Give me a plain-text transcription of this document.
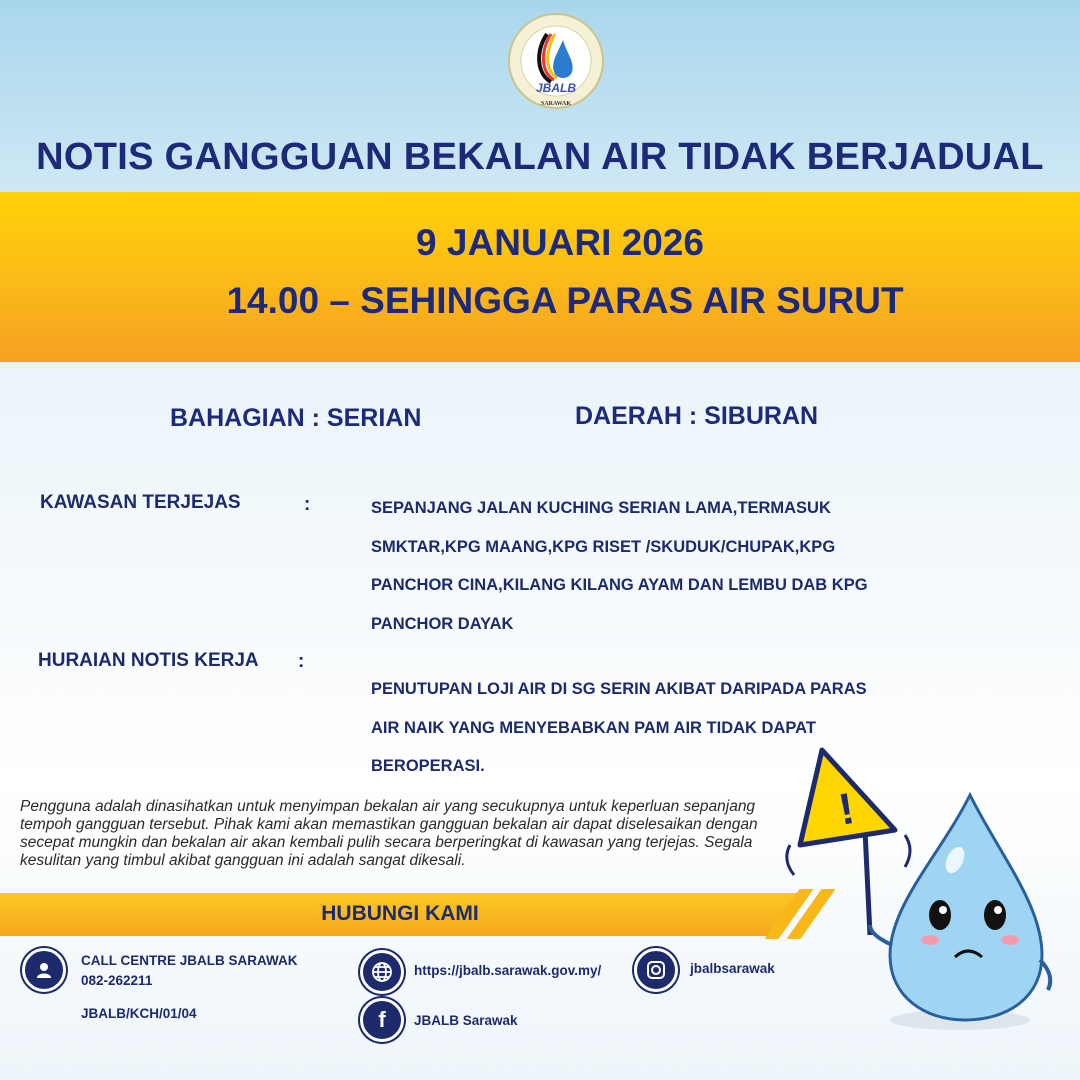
JBALB
SARAWAK
NOTIS GANGGUAN BEKALAN AIR TIDAK BERJADUAL
9 JANUARI 2026
14.00 – SEHINGGA PARAS AIR SURUT
BAHAGIAN : SERIAN	DAERAH : SIBURAN
KAWASAN TERJEJAS	:	SEPANJANG JALAN KUCHING SERIAN LAMA,TERMASUK
SMKTAR,KPG MAANG,KPG RISET /SKUDUK/CHUPAK,KPG
PANCHOR CINA,KILANG KILANG AYAM DAN LEMBU DAB KPG
PANCHOR DAYAK
HURAIAN NOTIS KERJA :
PENUTUPAN LOJI AIR DI SG SERIN AKIBAT DARIPADA PARAS
AIR NAIK YANG MENYEBABKAN PAM AIR TIDAK DAPAT
BEROPERASI.
Pengguna adalah dinasihatkan untuk menyimpan bekalan air yang secukupnya untuk keperluan sepanjang tempoh gangguan tersebut. Pihak kami akan memastikan gangguan bekalan air dapat diselesaikan dengan secepat mungkin dan bekalan air akan kembali pulih secara berperingkat di kawasan yang terjejas. Segala kesulitan yang timbul akibat gangguan ini adalah sangat dikesali.
HUBUNGI KAMI
CALL CENTRE JBALB SARAWAK
082-262211
JBALB/KCH/01/04
https://jbalb.sarawak.gov.my/
f JBALB Sarawak
jbalbsarawak
!
